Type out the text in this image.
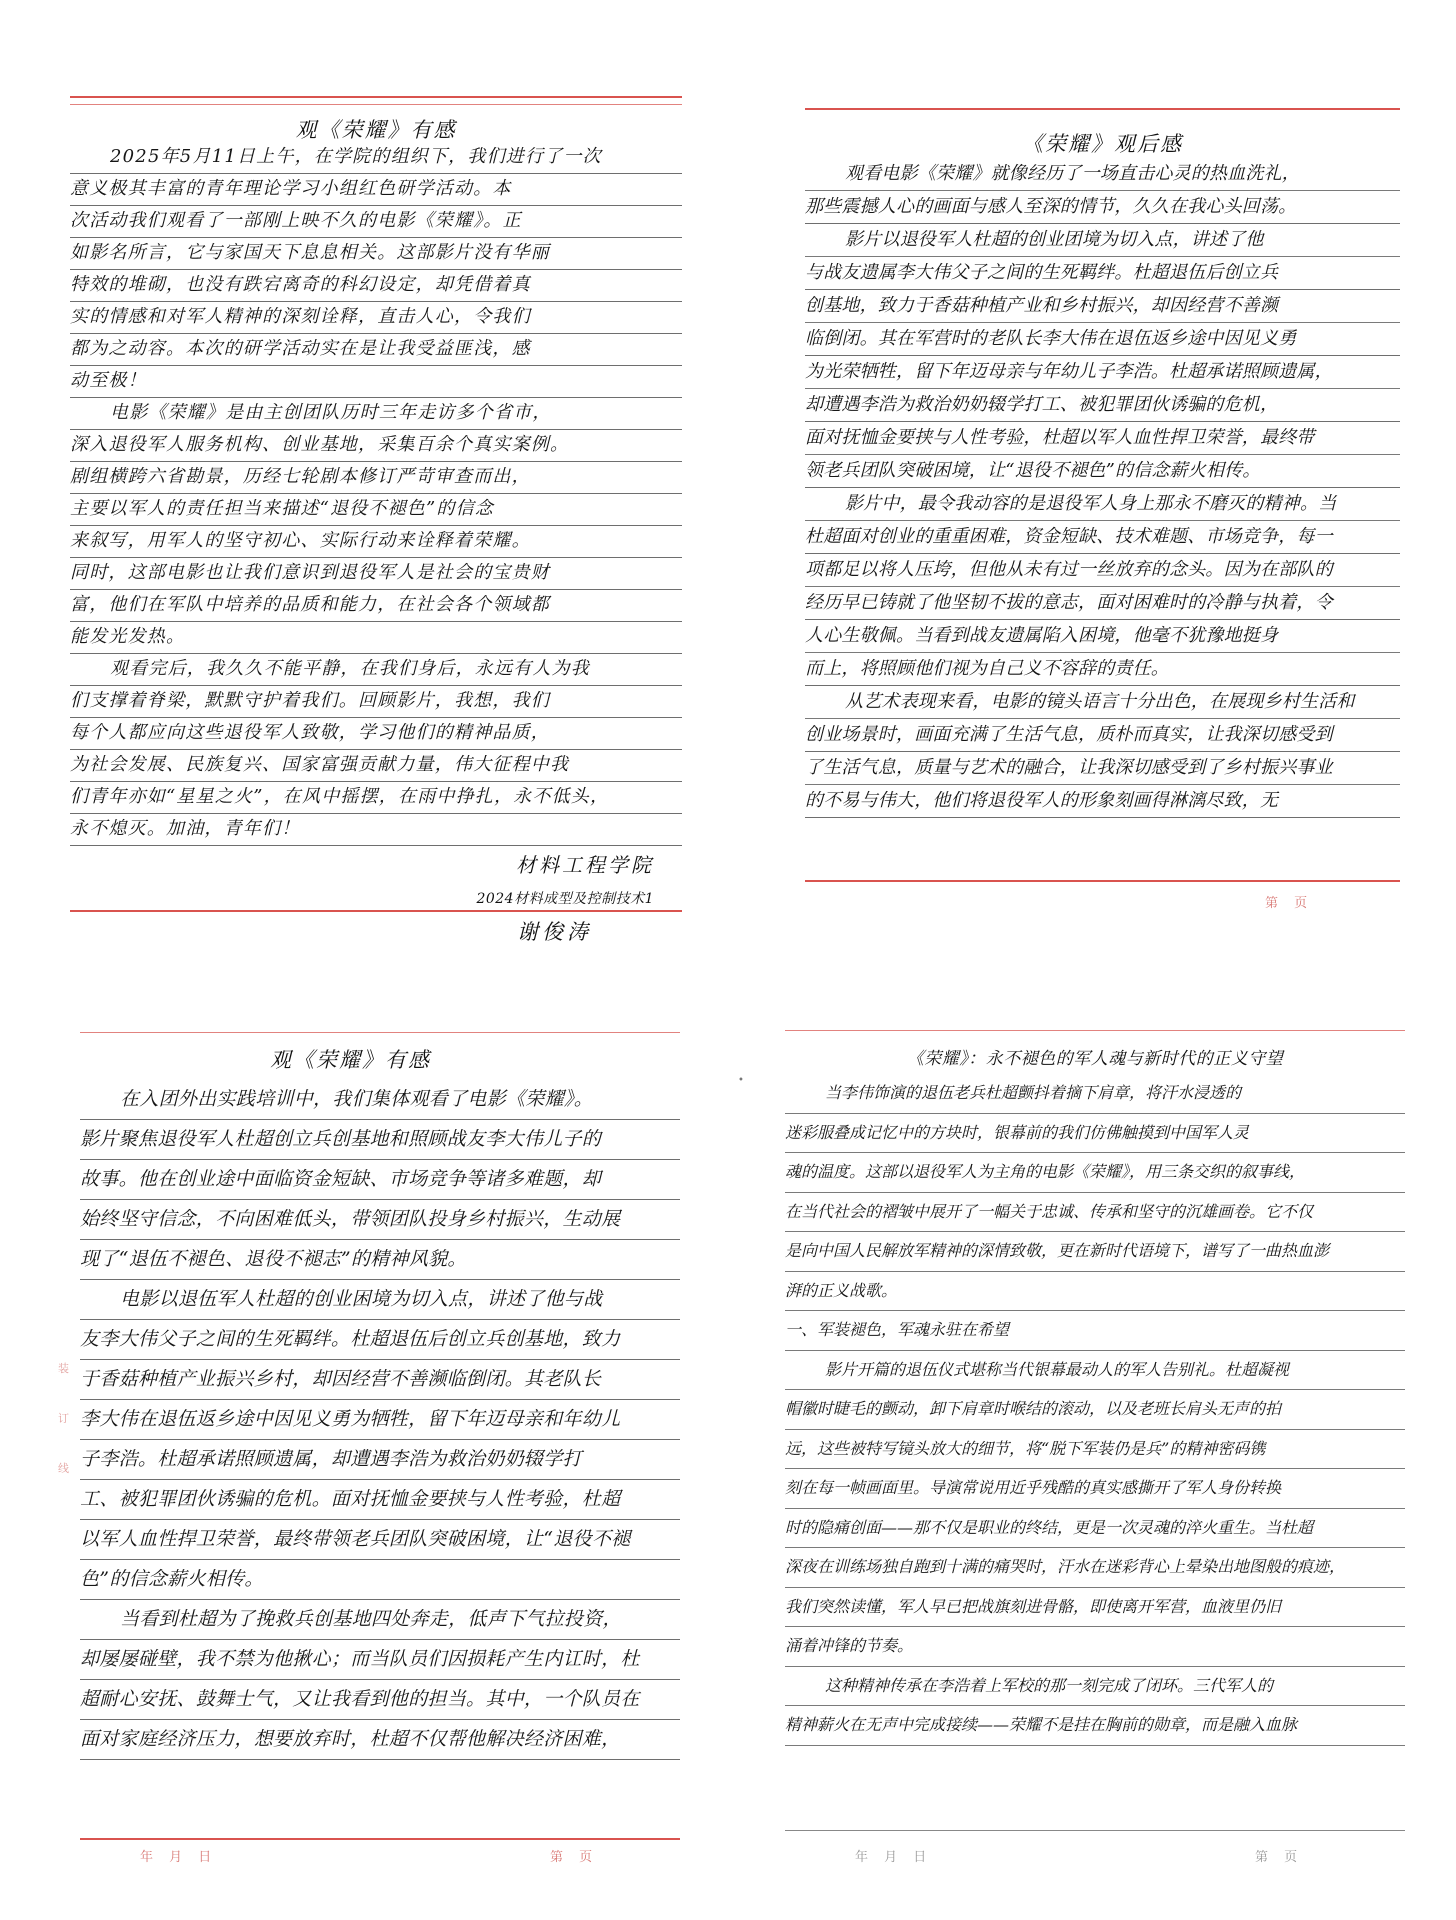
观《荣耀》有感
2025年5月11日上午，在学院的组织下，我们进行了一次
意义极其丰富的青年理论学习小组红色研学活动。本
次活动我们观看了一部刚上映不久的电影《荣耀》。正
如影名所言，它与家国天下息息相关。这部影片没有华丽
特效的堆砌，也没有跌宕离奇的科幻设定，却凭借着真
实的情感和对军人精神的深刻诠释，直击人心，令我们
都为之动容。本次的研学活动实在是让我受益匪浅，感
动至极！
电影《荣耀》是由主创团队历时三年走访多个省市，
深入退役军人服务机构、创业基地，采集百余个真实案例。
剧组横跨六省勘景，历经七轮剧本修订严苛审查而出，
主要以军人的责任担当来描述“退役不褪色”的信念
来叙写，用军人的坚守初心、实际行动来诠释着荣耀。
同时，这部电影也让我们意识到退役军人是社会的宝贵财
富，他们在军队中培养的品质和能力，在社会各个领域都
能发光发热。
观看完后，我久久不能平静，在我们身后，永远有人为我
们支撑着脊梁，默默守护着我们。回顾影片，我想，我们
每个人都应向这些退役军人致敬，学习他们的精神品质，
为社会发展、民族复兴、国家富强贡献力量，伟大征程中我
们青年亦如“星星之火”，在风中摇摆，在雨中挣扎，永不低头，
永不熄灭。加油，青年们！
材料工程学院
2024材料成型及控制技术1
谢俊涛
《荣耀》观后感
观看电影《荣耀》就像经历了一场直击心灵的热血洗礼，
那些震撼人心的画面与感人至深的情节，久久在我心头回荡。
影片以退役军人杜超的创业团境为切入点，讲述了他
与战友遗属李大伟父子之间的生死羁绊。杜超退伍后创立兵
创基地，致力于香菇种植产业和乡村振兴，却因经营不善濒
临倒闭。其在军营时的老队长李大伟在退伍返乡途中因见义勇
为光荣牺牲，留下年迈母亲与年幼儿子李浩。杜超承诺照顾遗属，
却遭遇李浩为救治奶奶辍学打工、被犯罪团伙诱骗的危机，
面对抚恤金要挟与人性考验，杜超以军人血性捍卫荣誉，最终带
领老兵团队突破困境，让“退役不褪色”的信念薪火相传。
影片中，最令我动容的是退役军人身上那永不磨灭的精神。当
杜超面对创业的重重困难，资金短缺、技术难题、市场竞争，每一
项都足以将人压垮，但他从未有过一丝放弃的念头。因为在部队的
经历早已铸就了他坚韧不拔的意志，面对困难时的冷静与执着，令
人心生敬佩。当看到战友遗属陷入困境，他毫不犹豫地挺身
而上，将照顾他们视为自己义不容辞的责任。
从艺术表现来看，电影的镜头语言十分出色，在展现乡村生活和
创业场景时，画面充满了生活气息，质朴而真实，让我深切感受到
了生活气息，质量与艺术的融合，让我深切感受到了乡村振兴事业
的不易与伟大，他们将退役军人的形象刻画得淋漓尽致，无
第 页
观《荣耀》有感
在入团外出实践培训中，我们集体观看了电影《荣耀》。
影片聚焦退役军人杜超创立兵创基地和照顾战友李大伟儿子的
故事。他在创业途中面临资金短缺、市场竞争等诸多难题，却
始终坚守信念，不向困难低头，带领团队投身乡村振兴，生动展
现了“退伍不褪色、退役不褪志”的精神风貌。
电影以退伍军人杜超的创业困境为切入点，讲述了他与战
友李大伟父子之间的生死羁绊。杜超退伍后创立兵创基地，致力
于香菇种植产业振兴乡村，却因经营不善濒临倒闭。其老队长
李大伟在退伍返乡途中因见义勇为牺牲，留下年迈母亲和年幼儿
子李浩。杜超承诺照顾遗属，却遭遇李浩为救治奶奶辍学打
工、被犯罪团伙诱骗的危机。面对抚恤金要挟与人性考验，杜超
以军人血性捍卫荣誉，最终带领老兵团队突破困境，让“退役不褪
色”的信念薪火相传。
当看到杜超为了挽救兵创基地四处奔走，低声下气拉投资，
却屡屡碰壁，我不禁为他揪心；而当队员们因损耗产生内讧时，杜
超耐心安抚、鼓舞士气，又让我看到他的担当。其中，一个队员在
面对家庭经济压力，想要放弃时，杜超不仅帮他解决经济困难，
年 月 日	第 页
装
订
线
•
《荣耀》：永不褪色的军人魂与新时代的正义守望
当李伟饰演的退伍老兵杜超颤抖着摘下肩章，将汗水浸透的
迷彩服叠成记忆中的方块时，银幕前的我们仿佛触摸到中国军人灵
魂的温度。这部以退役军人为主角的电影《荣耀》，用三条交织的叙事线，
在当代社会的褶皱中展开了一幅关于忠诚、传承和坚守的沉雄画卷。它不仅
是向中国人民解放军精神的深情致敬，更在新时代语境下，谱写了一曲热血澎
湃的正义战歌。
一、军装褪色，军魂永驻在希望
影片开篇的退伍仪式堪称当代银幕最动人的军人告别礼。杜超凝视
帽徽时睫毛的颤动，卸下肩章时喉结的滚动，以及老班长肩头无声的拍
远，这些被特写镜头放大的细节，将“脱下军装仍是兵”的精神密码镌
刻在每一帧画面里。导演常说用近乎残酷的真实感撕开了军人身份转换
时的隐痛创面——那不仅是职业的终结，更是一次灵魂的淬火重生。当杜超
深夜在训练场独自跑到十满的痛哭时，汗水在迷彩背心上晕染出地图般的痕迹，
我们突然读懂，军人早已把战旗刻进骨骼，即使离开军营，血液里仍旧
涌着冲锋的节奏。
这种精神传承在李浩着上军校的那一刻完成了闭环。三代军人的
精神薪火在无声中完成接续——荣耀不是挂在胸前的勋章，而是融入血脉
年 月 日	第 页
